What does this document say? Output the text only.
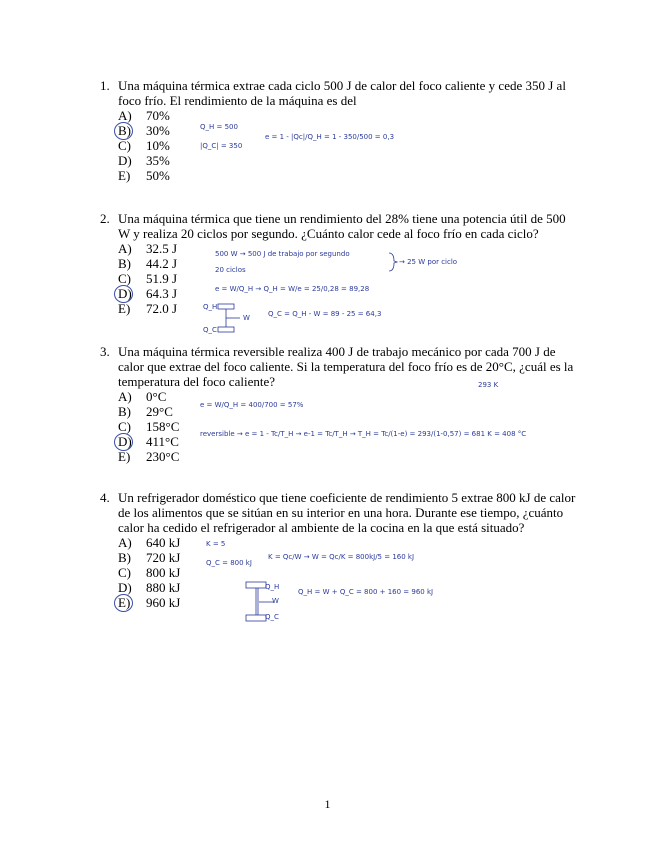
1. Una máquina térmica extrae cada ciclo 500 J de calor del foco caliente y cede 350 J al foco frío. El rendimiento de la máquina es del
A) 70%
B) 30%
C) 10%
D) 35%
E) 50%
Q_H = 500
|Q_C| = 350
e = 1 - |Qc|/Q_H = 1 - 350/500 = 0,3
2. Una máquina térmica que tiene un rendimiento del 28% tiene una potencia útil de 500 W y realiza 20 ciclos por segundo. ¿Cuánto calor cede al foco frío en cada ciclo?
A) 32.5 J
B) 44.2 J
C) 51.9 J
D) 64.3 J
E) 72.0 J
500 W → 500 J de trabajo por segundo
20 ciclos
→ 25 W por ciclo
e = W/Q_H → Q_H = W/e = 25/0,28 = 89,28
Q_C = Q_H - W = 89 - 25 = 64,3
Q_H
W
Q_C
3. Una máquina térmica reversible realiza 400 J de trabajo mecánico por cada 700 J de calor que extrae del foco caliente. Si la temperatura del foco frío es de 20°C, ¿cuál es la temperatura del foco caliente?
A) 0°C
B) 29°C
C) 158°C
D) 411°C
E) 230°C
293 K
e = W/Q_H = 400/700 = 57%
reversible → e = 1 - Tc/T_H → e-1 = Tc/T_H → T_H = Tc/(1-e) = 293/(1-0,57) = 681 K = 408 °C
4. Un refrigerador doméstico que tiene coeficiente de rendimiento 5 extrae 800 kJ de calor de los alimentos que se sitúan en su interior en una hora. Durante ese tiempo, ¿cuánto calor ha cedido el refrigerador al ambiente de la cocina en la que está situado?
A) 640 kJ
B) 720 kJ
C) 800 kJ
D) 880 kJ
E) 960 kJ
K = 5
Q_C = 800 kJ
K = Qc/W → W = Qc/K = 800kJ/5 = 160 kJ
Q_H = W + Q_C = 800 + 160 = 960 kJ
Q_H
W
Q_C
1
